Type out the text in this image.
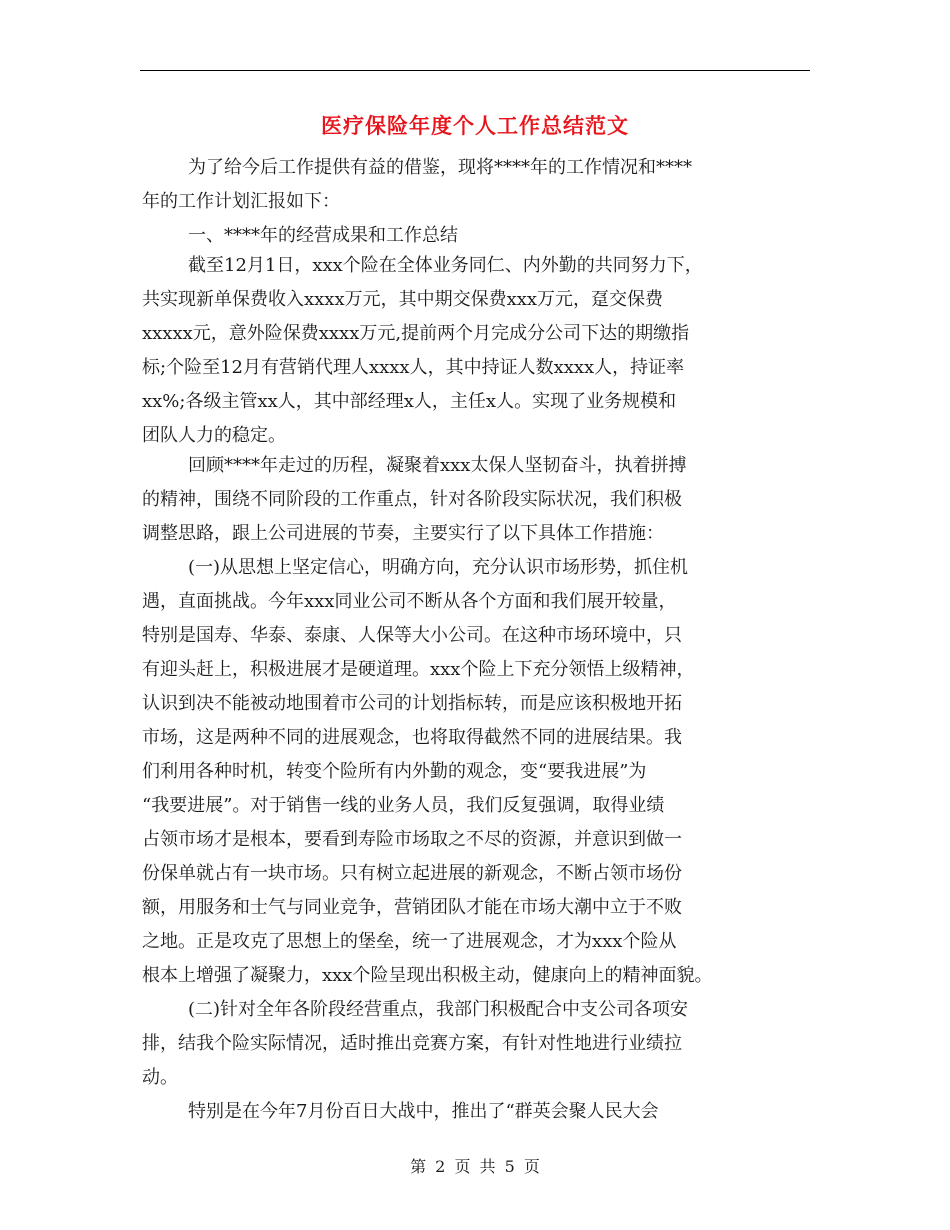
医疗保险年度个人工作总结范文
为了给今后工作提供有益的借鉴，现将****年的工作情况和****
年的工作计划汇报如下：
一、****年的经营成果和工作总结
截至12月1日，xxx个险在全体业务同仁、内外勤的共同努力下，
共实现新单保费收入xxxx万元，其中期交保费xxx万元，趸交保费
xxxxx元，意外险保费xxxx万元,提前两个月完成分公司下达的期缴指
标;个险至12月有营销代理人xxxx人，其中持证人数xxxx人，持证率
xx%;各级主管xx人，其中部经理x人，主任x人。实现了业务规模和
团队人力的稳定。
回顾****年走过的历程，凝聚着xxx太保人坚韧奋斗，执着拼搏
的精神，围绕不同阶段的工作重点，针对各阶段实际状况，我们积极
调整思路，跟上公司进展的节奏，主要实行了以下具体工作措施：
(一)从思想上坚定信心，明确方向，充分认识市场形势，抓住机
遇，直面挑战。今年xxx同业公司不断从各个方面和我们展开较量，
特别是国寿、华泰、泰康、人保等大小公司。在这种市场环境中，只
有迎头赶上，积极进展才是硬道理。xxx个险上下充分领悟上级精神，
认识到决不能被动地围着市公司的计划指标转，而是应该积极地开拓
市场，这是两种不同的进展观念，也将取得截然不同的进展结果。我
们利用各种时机，转变个险所有内外勤的观念，变“要我进展”为
“我要进展”。对于销售一线的业务人员，我们反复强调，取得业绩
占领市场才是根本，要看到寿险市场取之不尽的资源，并意识到做一
份保单就占有一块市场。只有树立起进展的新观念，不断占领市场份
额，用服务和士气与同业竞争，营销团队才能在市场大潮中立于不败
之地。正是攻克了思想上的堡垒，统一了进展观念，才为xxx个险从
根本上增强了凝聚力，xxx个险呈现出积极主动，健康向上的精神面貌。
(二)针对全年各阶段经营重点，我部门积极配合中支公司各项安
排，结我个险实际情况，适时推出竞赛方案，有针对性地进行业绩拉
动。
特别是在今年7月份百日大战中，推出了“群英会聚人民大会
第 2 页 共 5 页
